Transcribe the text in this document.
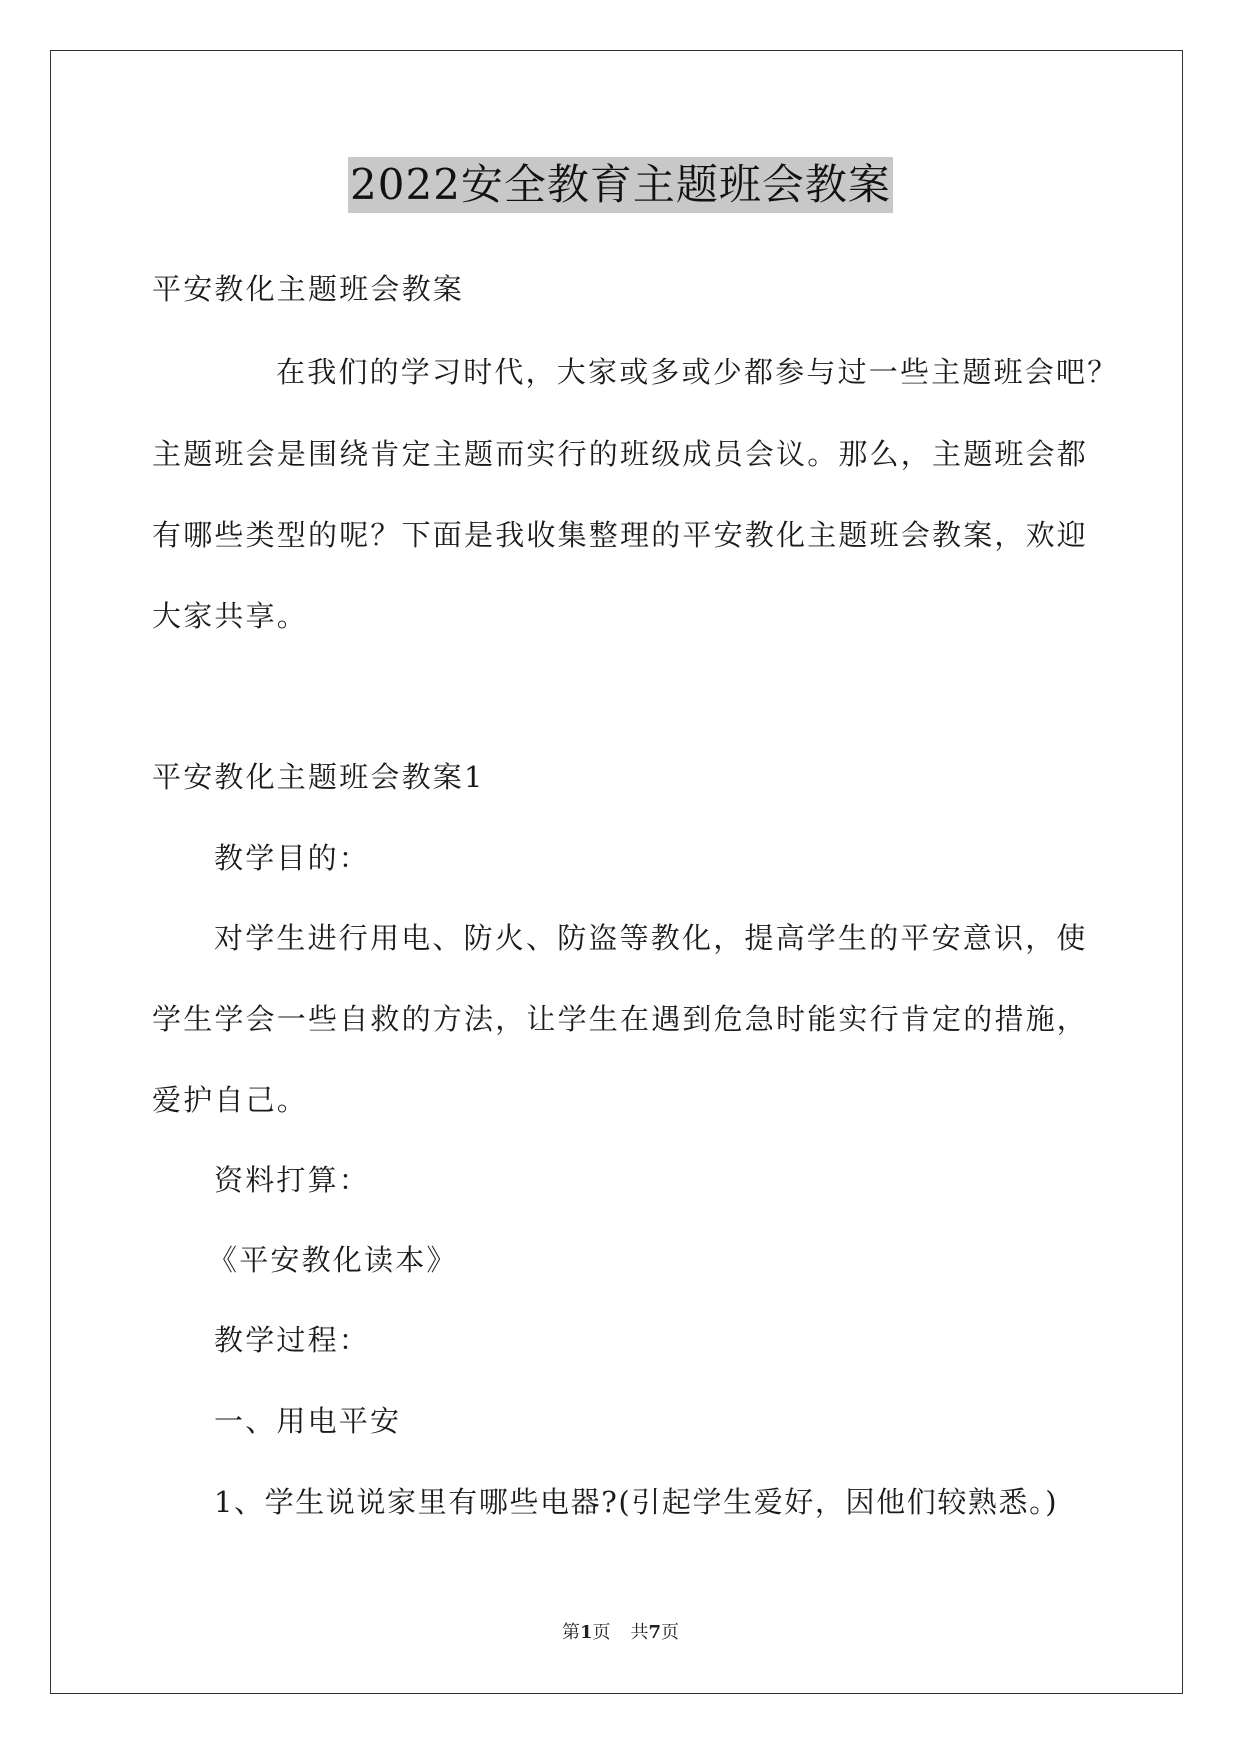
2022安全教育主题班会教案
平安教化主题班会教案
在我们的学习时代，大家或多或少都参与过一些主题班会吧？
主题班会是围绕肯定主题而实行的班级成员会议。那么，主题班会都
有哪些类型的呢？下面是我收集整理的平安教化主题班会教案，欢迎
大家共享。
平安教化主题班会教案1
教学目的：
对学生进行用电、防火、防盗等教化，提高学生的平安意识，使
学生学会一些自救的方法，让学生在遇到危急时能实行肯定的措施，
爱护自己。
资料打算：
《平安教化读本》
教学过程：
一、用电平安
1、学生说说家里有哪些电器?(引起学生爱好，因他们较熟悉。)
第1页 共7页
